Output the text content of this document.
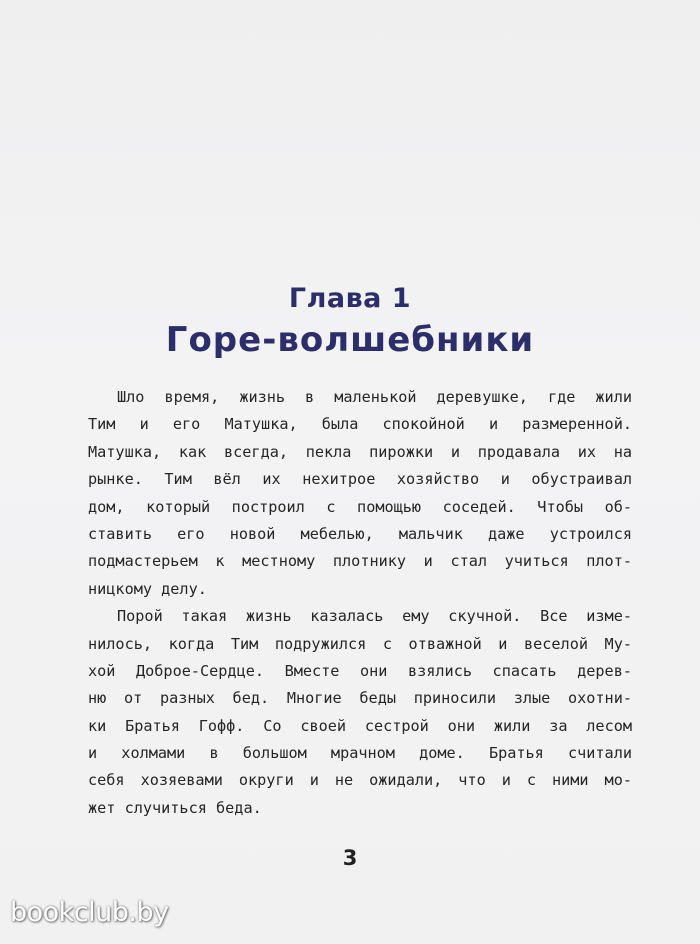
Глава 1
Горе-волшебники
Шло время, жизнь в маленькой деревушке, где жили
Тим и его Матушка, была спокойной и размеренной.
Матушка, как всегда, пекла пирожки и продавала их на
рынке. Тим вёл их нехитрое хозяйство и обустраивал
дом, который построил с помощью соседей. Чтобы об-
ставить его новой мебелью, мальчик даже устроился
подмастерьем к местному плотнику и стал учиться плот-
ницкому делу.
Порой такая жизнь казалась ему скучной. Все изме-
нилось, когда Тим подружился с отважной и веселой Му-
хой Доброе-Сердце. Вместе они взялись спасать дерев-
ню от разных бед. Многие беды приносили злые охотни-
ки Братья Гофф. Со своей сестрой они жили за лесом
и холмами в большом мрачном доме. Братья считали
себя хозяевами округи и не ожидали, что и с ними мо-
жет случиться беда.
3
bookclub.by
